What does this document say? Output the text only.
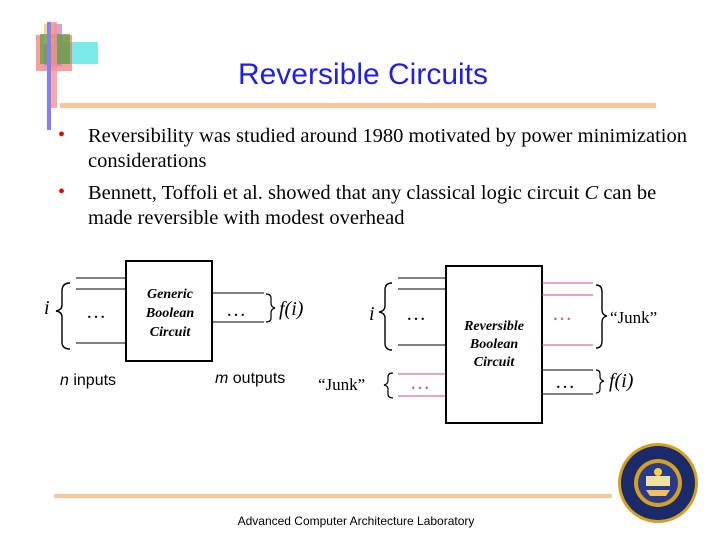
Reversible Circuits
• Reversibility was studied around 1980 motivated by power minimization considerations
• Bennett, Toffoli et al. showed that any classical logic circuit C can be made reversible with modest overhead
i …	… f(i)
Generic
Boolean
Circuit
i …
“Junk” …
Reversible
Boolean
Circuit
… “Junk”
… f(i)
n inputs	m outputs
Advanced Computer Architecture Laboratory
